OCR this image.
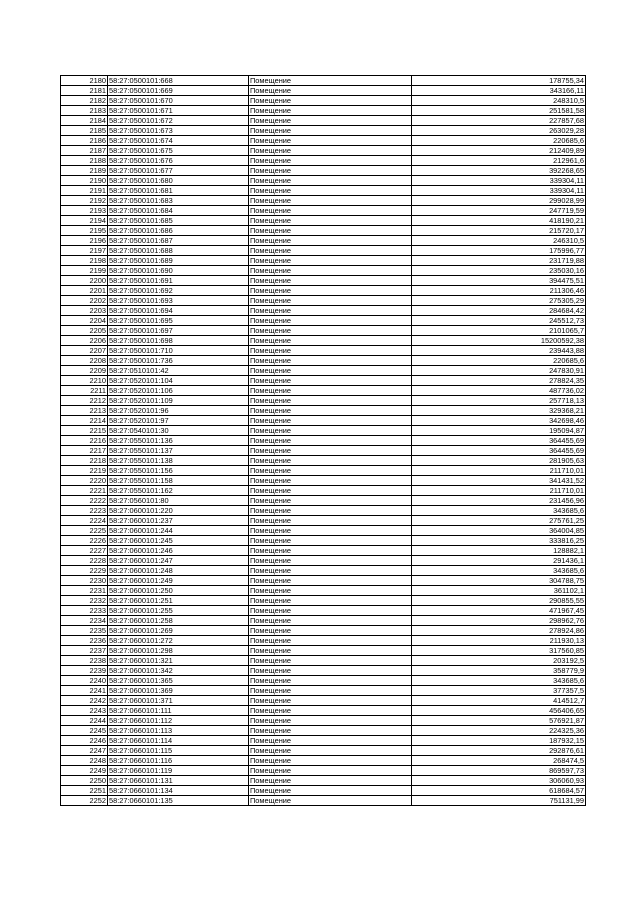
2180	58:27:0500101:668	Помещение	178755,34
2181	58:27:0500101:669	Помещение	343166,11
2182	58:27:0500101:670	Помещение	248310,5
2183	58:27:0500101:671	Помещение	251581,58
2184	58:27:0500101:672	Помещение	227857,68
2185	58:27:0500101:673	Помещение	263029,28
2186	58:27:0500101:674	Помещение	220685,6
2187	58:27:0500101:675	Помещение	212409,89
2188	58:27:0500101:676	Помещение	212961,6
2189	58:27:0500101:677	Помещение	392268,65
2190	58:27:0500101:680	Помещение	339304,11
2191	58:27:0500101:681	Помещение	339304,11
2192	58:27:0500101:683	Помещение	299028,99
2193	58:27:0500101:684	Помещение	247719,59
2194	58:27:0500101:685	Помещение	418190,21
2195	58:27:0500101:686	Помещение	215720,17
2196	58:27:0500101:687	Помещение	246310,5
2197	58:27:0500101:688	Помещение	175996,77
2198	58:27:0500101:689	Помещение	231719,88
2199	58:27:0500101:690	Помещение	235030,16
2200	58:27:0500101:691	Помещение	394475,51
2201	58:27:0500101:692	Помещение	211306,46
2202	58:27:0500101:693	Помещение	275305,29
2203	58:27:0500101:694	Помещение	284684,42
2204	58:27:0500101:695	Помещение	245512,73
2205	58:27:0500101:697	Помещение	2101065,7
2206	58:27:0500101:698	Помещение	15200592,38
2207	58:27:0500101:710	Помещение	239443,88
2208	58:27:0500101:736	Помещение	220685,6
2209	58:27:0510101:42	Помещение	247830,91
2210	58:27:0520101:104	Помещение	278824,35
2211	58:27:0520101:106	Помещение	487736,02
2212	58:27:0520101:109	Помещение	257718,13
2213	58:27:0520101:96	Помещение	329368,21
2214	58:27:0520101:97	Помещение	342698,46
2215	58:27:0540101:30	Помещение	195094,87
2216	58:27:0550101:136	Помещение	364455,69
2217	58:27:0550101:137	Помещение	364455,69
2218	58:27:0550101:138	Помещение	281905,63
2219	58:27:0550101:156	Помещение	211710,01
2220	58:27:0550101:158	Помещение	341431,52
2221	58:27:0550101:162	Помещение	211710,01
2222	58:27:0560101:80	Помещение	231456,96
2223	58:27:0600101:220	Помещение	343685,6
2224	58:27:0600101:237	Помещение	275761,25
2225	58:27:0600101:244	Помещение	364004,85
2226	58:27:0600101:245	Помещение	333816,25
2227	58:27:0600101:246	Помещение	128882,1
2228	58:27:0600101:247	Помещение	291436,1
2229	58:27:0600101:248	Помещение	343685,6
2230	58:27:0600101:249	Помещение	304788,75
2231	58:27:0600101:250	Помещение	361102,1
2232	58:27:0600101:251	Помещение	290855,55
2233	58:27:0600101:255	Помещение	471967,45
2234	58:27:0600101:258	Помещение	298962,76
2235	58:27:0600101:269	Помещение	278924,86
2236	58:27:0600101:272	Помещение	211930,13
2237	58:27:0600101:298	Помещение	317560,85
2238	58:27:0600101:321	Помещение	203192,5
2239	58:27:0600101:342	Помещение	358779,9
2240	58:27:0600101:365	Помещение	343685,6
2241	58:27:0600101:369	Помещение	377357,5
2242	58:27:0600101:371	Помещение	414512,7
2243	58:27:0660101:111	Помещение	456406,65
2244	58:27:0660101:112	Помещение	576921,87
2245	58:27:0660101:113	Помещение	224325,36
2246	58:27:0660101:114	Помещение	187932,15
2247	58:27:0660101:115	Помещение	292876,61
2248	58:27:0660101:116	Помещение	268474,5
2249	58:27:0660101:119	Помещение	869597,73
2250	58:27:0660101:131	Помещение	306060,93
2251	58:27:0660101:134	Помещение	618684,57
2252	58:27:0660101:135	Помещение	751131,99
